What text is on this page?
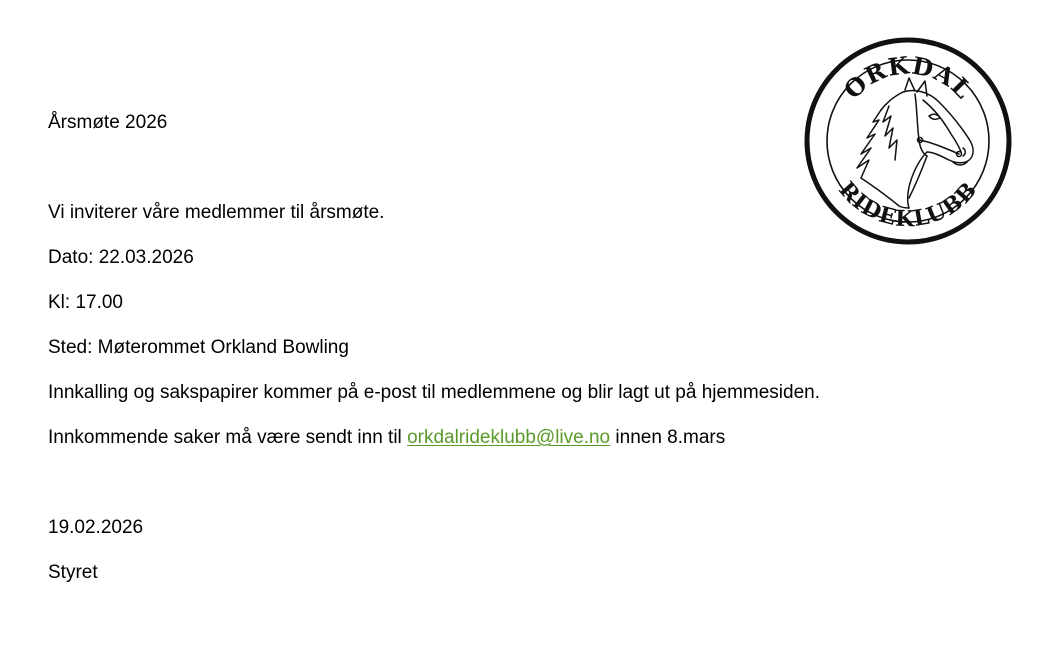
Årsmøte 2026
Vi inviterer våre medlemmer til årsmøte.
Dato: 22.03.2026
Kl: 17.00
Sted: Møterommet Orkland Bowling
Innkalling og sakspapirer kommer på e-post til medlemmene og blir lagt ut på hjemmesiden.
Innkommende saker må være sendt inn til orkdalrideklubb@live.no innen 8.mars
19.02.2026
Styret
ORKDAL
RIDEKLUBB
